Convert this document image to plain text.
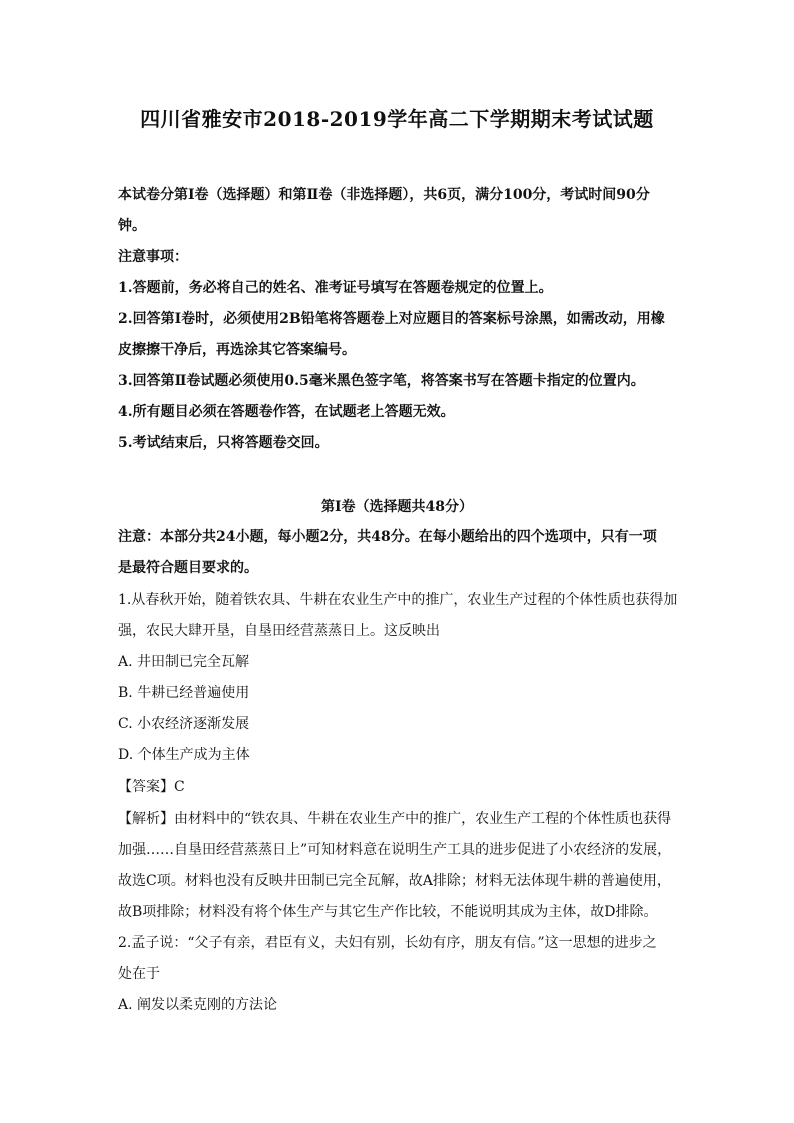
四川省雅安市2018-2019学年高二下学期期末考试试题
本试卷分第Ⅰ卷（选择题）和第Ⅱ卷（非选择题），共6页，满分100分，考试时间90分
钟。
注意事项：
1.答题前，务必将自己的姓名、准考证号填写在答题卷规定的位置上。
2.回答第Ⅰ卷时，必须使用2B铅笔将答题卷上对应题目的答案标号涂黑，如需改动，用橡
皮擦擦干净后，再选涂其它答案编号。
3.回答第Ⅱ卷试题必须使用0.5毫米黑色签字笔，将答案书写在答题卡指定的位置内。
4.所有题目必须在答题卷作答，在试题老上答题无效。
5.考试结束后，只将答题卷交回。
第Ⅰ卷（选择题共48分）
注意：本部分共24小题，每小题2分，共48分。在每小题给出的四个选项中，只有一项
是最符合题目要求的。
1.从春秋开始，随着铁农具、牛耕在农业生产中的推广，农业生产过程的个体性质也获得加
强，农民大肆开垦，自垦田经营蒸蒸日上。这反映出
A. 井田制已完全瓦解
B. 牛耕已经普遍使用
C. 小农经济逐渐发展
D. 个体生产成为主体
【答案】C
【解析】由材料中的“铁农具、牛耕在农业生产中的推广，农业生产工程的个体性质也获得
加强……自垦田经营蒸蒸日上”可知材料意在说明生产工具的进步促进了小农经济的发展，
故选C项。材料也没有反映井田制已完全瓦解，故A排除；材料无法体现牛耕的普遍使用，
故B项排除；材料没有将个体生产与其它生产作比较，不能说明其成为主体，故D排除。
2.孟子说：“父子有亲，君臣有义，夫妇有别，长幼有序，朋友有信。”这一思想的进步之
处在于
A. 阐发以柔克刚的方法论
